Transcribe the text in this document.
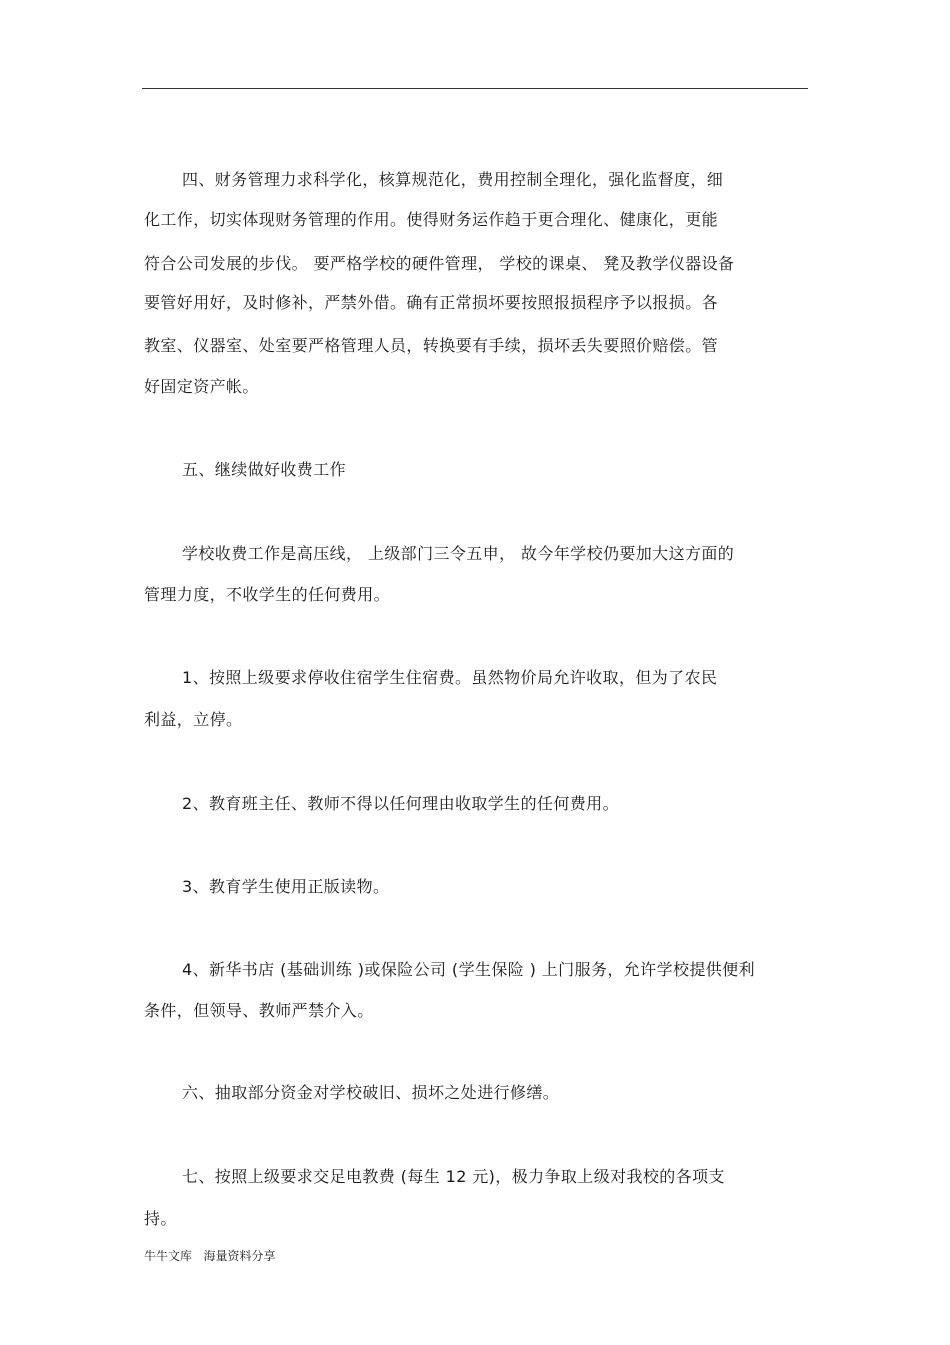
四、财务管理力求科学化，核算规范化，费用控制全理化，强化监督度，细
化工作，切实体现财务管理的作用。使得财务运作趋于更合理化、健康化，更能
符合公司发展的步伐。 要严格学校的硬件管理， 学校的课桌、 凳及教学仪器设备
要管好用好，及时修补，严禁外借。确有正常损坏要按照报损程序予以报损。各
教室、仪器室、处室要严格管理人员，转换要有手续，损坏丢失要照价赔偿。管
好固定资产帐。
五、继续做好收费工作
学校收费工作是高压线， 上级部门三令五申， 故今年学校仍要加大这方面的
管理力度，不收学生的任何费用。
1、按照上级要求停收住宿学生住宿费。虽然物价局允许收取，但为了农民
利益，立停。
2、教育班主任、教师不得以任何理由收取学生的任何费用。
3、教育学生使用正版读物。
4、新华书店 (基础训练 )或保险公司 (学生保险 ) 上门服务，允许学校提供便利
条件，但领导、教师严禁介入。
六、抽取部分资金对学校破旧、损坏之处进行修缮。
七、按照上级要求交足电教费 (每生 12 元)，极力争取上级对我校的各项支
持。
牛牛文库   海量资料分享
